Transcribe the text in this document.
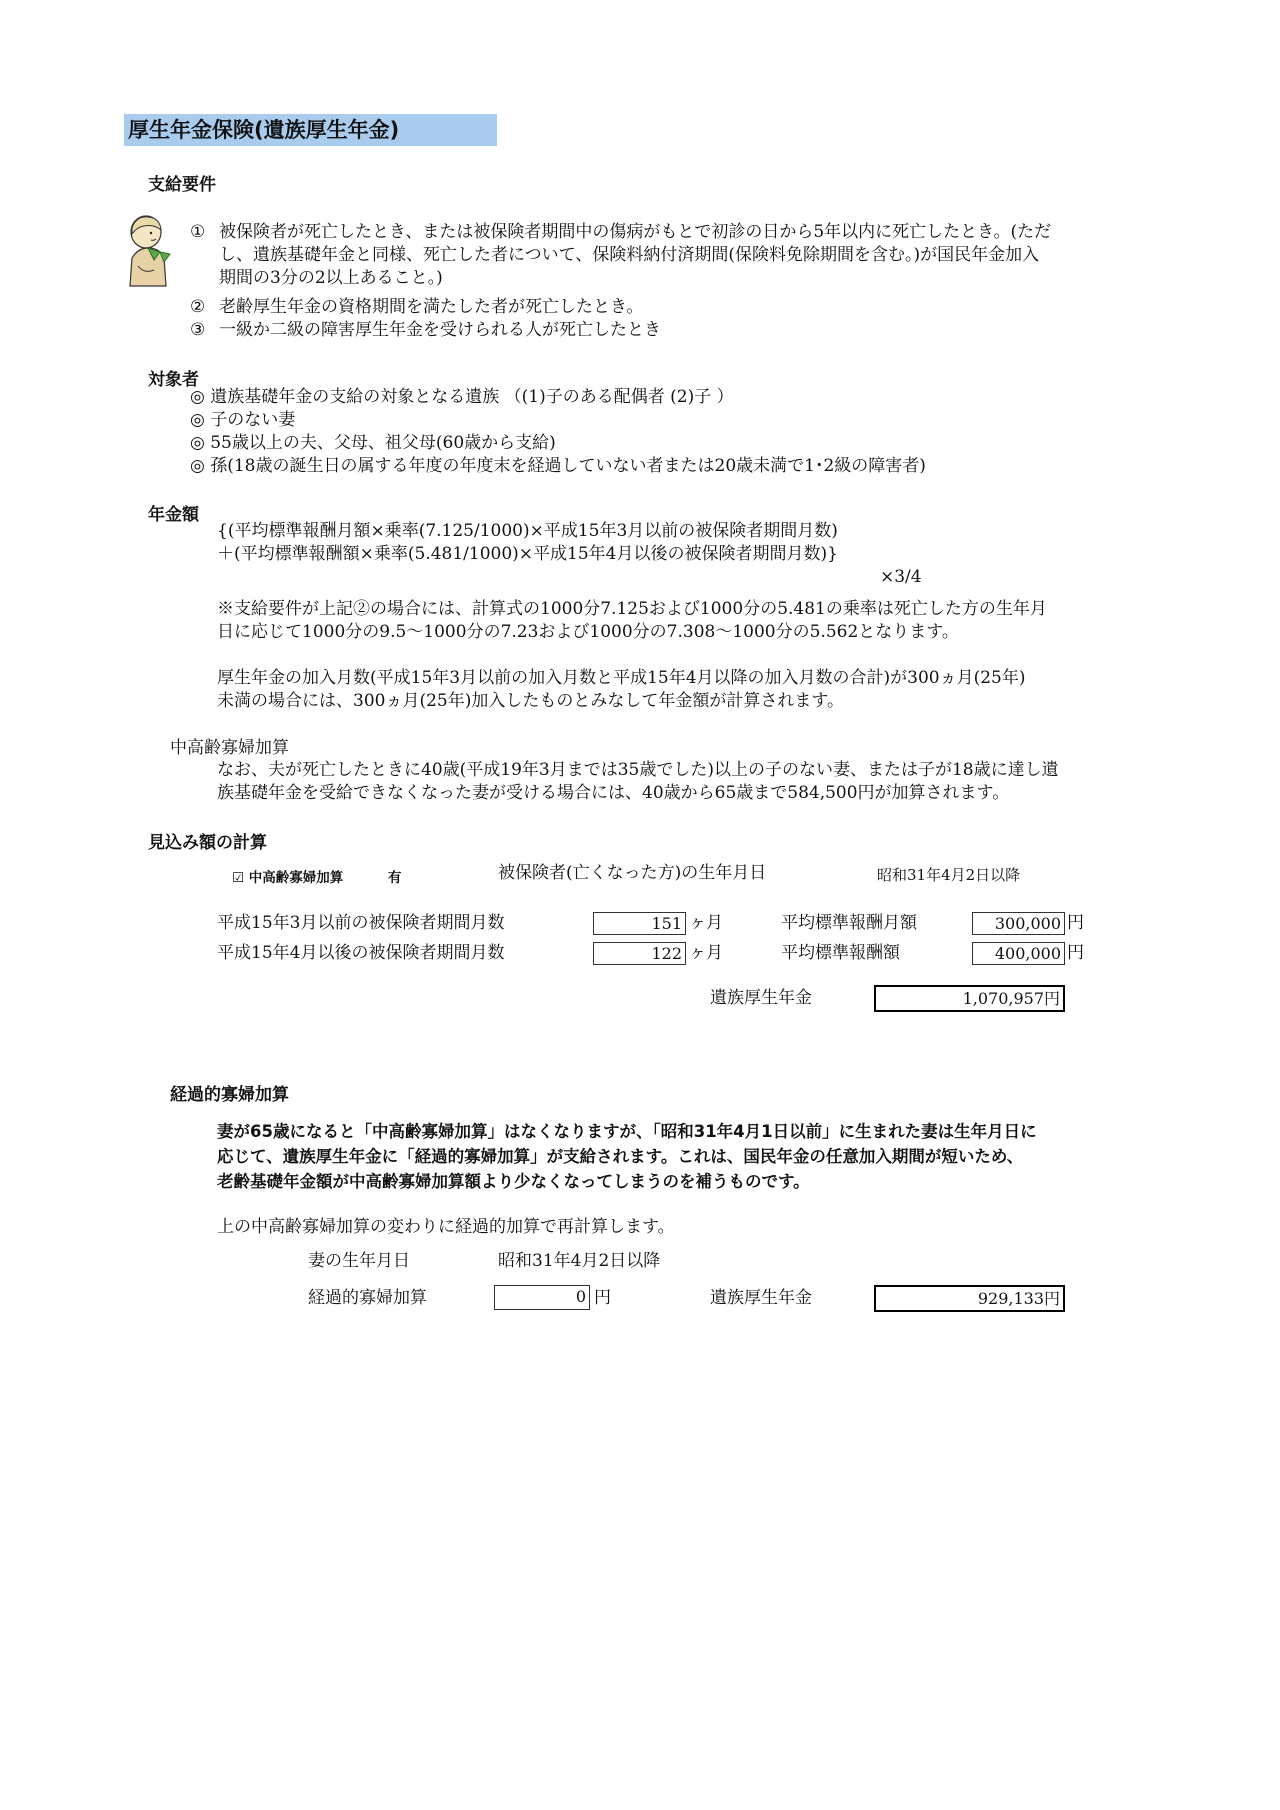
厚生年金保険(遺族厚生年金)
支給要件
① 被保険者が死亡したとき、または被保険者期間中の傷病がもとで初診の日から5年以内に死亡したとき。(ただ
し、遺族基礎年金と同様、死亡した者について、保険料納付済期間(保険料免除期間を含む。)が国民年金加入
期間の3分の2以上あること。)
② 老齢厚生年金の資格期間を満たした者が死亡したとき。
③ 一級か二級の障害厚生年金を受けられる人が死亡したとき
対象者
◎ 遺族基礎年金の支給の対象となる遺族 （(1)子のある配偶者 (2)子 ）
◎ 子のない妻
◎ 55歳以上の夫、父母、祖父母(60歳から支給)
◎ 孫(18歳の誕生日の属する年度の年度末を経過していない者または20歳未満で1･2級の障害者)
年金額
{(平均標準報酬月額×乗率(7.125/1000)×平成15年3月以前の被保険者期間月数)
＋(平均標準報酬額×乗率(5.481/1000)×平成15年4月以後の被保険者期間月数)}
×3/4
※支給要件が上記②の場合には、計算式の1000分7.125および1000分の5.481の乗率は死亡した方の生年月
日に応じて1000分の9.5～1000分の7.23および1000分の7.308～1000分の5.562となります。
厚生年金の加入月数(平成15年3月以前の加入月数と平成15年4月以降の加入月数の合計)が300ヵ月(25年)
未満の場合には、300ヵ月(25年)加入したものとみなして年金額が計算されます。
中高齢寡婦加算
なお、夫が死亡したときに40歳(平成19年3月までは35歳でした)以上の子のない妻、または子が18歳に達し遺
族基礎年金を受給できなくなった妻が受ける場合には、40歳から65歳まで584,500円が加算されます。
見込み額の計算
☑ 中高齢寡婦加算	有	被保険者(亡くなった方)の生年月日	昭和31年4月2日以降
平成15年3月以前の被保険者期間月数	151 ヶ月	平均標準報酬月額	300,000 円
平成15年4月以後の被保険者期間月数	122 ヶ月	平均標準報酬額	400,000 円
遺族厚生年金	1,070,957円
経過的寡婦加算
妻が65歳になると「中高齢寡婦加算」はなくなりますが、「昭和31年4月1日以前」に生まれた妻は生年月日に
応じて、遺族厚生年金に「経過的寡婦加算」が支給されます。これは、国民年金の任意加入期間が短いため、
老齢基礎年金額が中高齢寡婦加算額より少なくなってしまうのを補うものです。
上の中高齢寡婦加算の変わりに経過的加算で再計算します。
妻の生年月日	昭和31年4月2日以降
経過的寡婦加算	0 円	遺族厚生年金	929,133円
